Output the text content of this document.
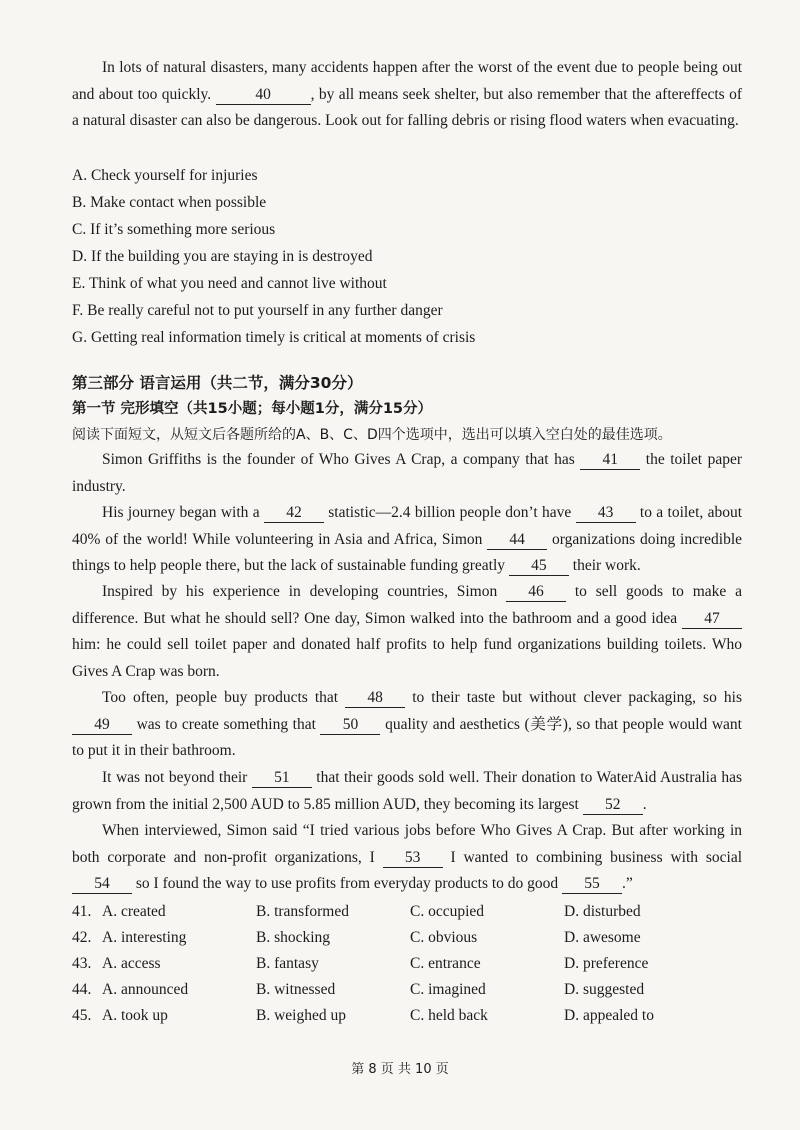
In lots of natural disasters, many accidents happen after the worst of the event due to people being out and about too quickly.	40	, by all means seek shelter, but also remember that the aftereffects of a natural disaster can also be dangerous. Look out for falling debris or rising flood waters when evacuating.

A. Check yourself for injuries

B. Make contact when possible

C. If it’s something more serious

D. If the building you are staying in is destroyed

E. Think of what you need and cannot live without

F. Be really careful not to put yourself in any further danger

G. Getting real information timely is critical at moments of crisis

第三部分 语言运用（共二节，满分30分）

第一节 完形填空（共15小题；每小题1分，满分15分）

阅读下面短文，从短文后各题所给的A、B、C、D四个选项中，选出可以填入空白处的最佳选项。

Simon Griffiths is the founder of Who Gives A Crap, a company that has 41 the toilet paper industry.

His journey began with a 42 statistic—2.4 billion people don’t have 43 to a toilet, about 40% of the world! While volunteering in Asia and Africa, Simon 44 organizations doing incredible things to help people there, but the lack of sustainable funding greatly 45 their work.

Inspired by his experience in developing countries, Simon 46 to sell goods to make a difference. But what he should sell? One day, Simon walked into the bathroom and a good idea 47 him: he could sell toilet paper and donated half profits to help fund organizations building toilets. Who Gives A Crap was born.

Too often, people buy products that 48 to their taste but without clever packaging, so his 49 was to create something that 50 quality and aesthetics (美学), so that people would want to put it in their bathroom.

It was not beyond their 51 that their goods sold well. Their donation to WaterAid Australia has grown from the initial 2,500 AUD to 5.85 million AUD, they becoming its largest 52 .

When interviewed, Simon said “I tried various jobs before Who Gives A Crap. But after working in both corporate and non-profit organizations, I 53 I wanted to combining business with social 54 so I found the way to use profits from everyday products to do good 55 .”

41. A. created	B. transformed	C. occupied	D. disturbed
42. A. interesting	B. shocking	C. obvious	D. awesome
43. A. access	B. fantasy	C. entrance	D. preference
44. A. announced	B. witnessed	C. imagined	D. suggested
45. A. took up	B. weighed up	C. held back	D. appealed to

第 8 页 共 10 页
